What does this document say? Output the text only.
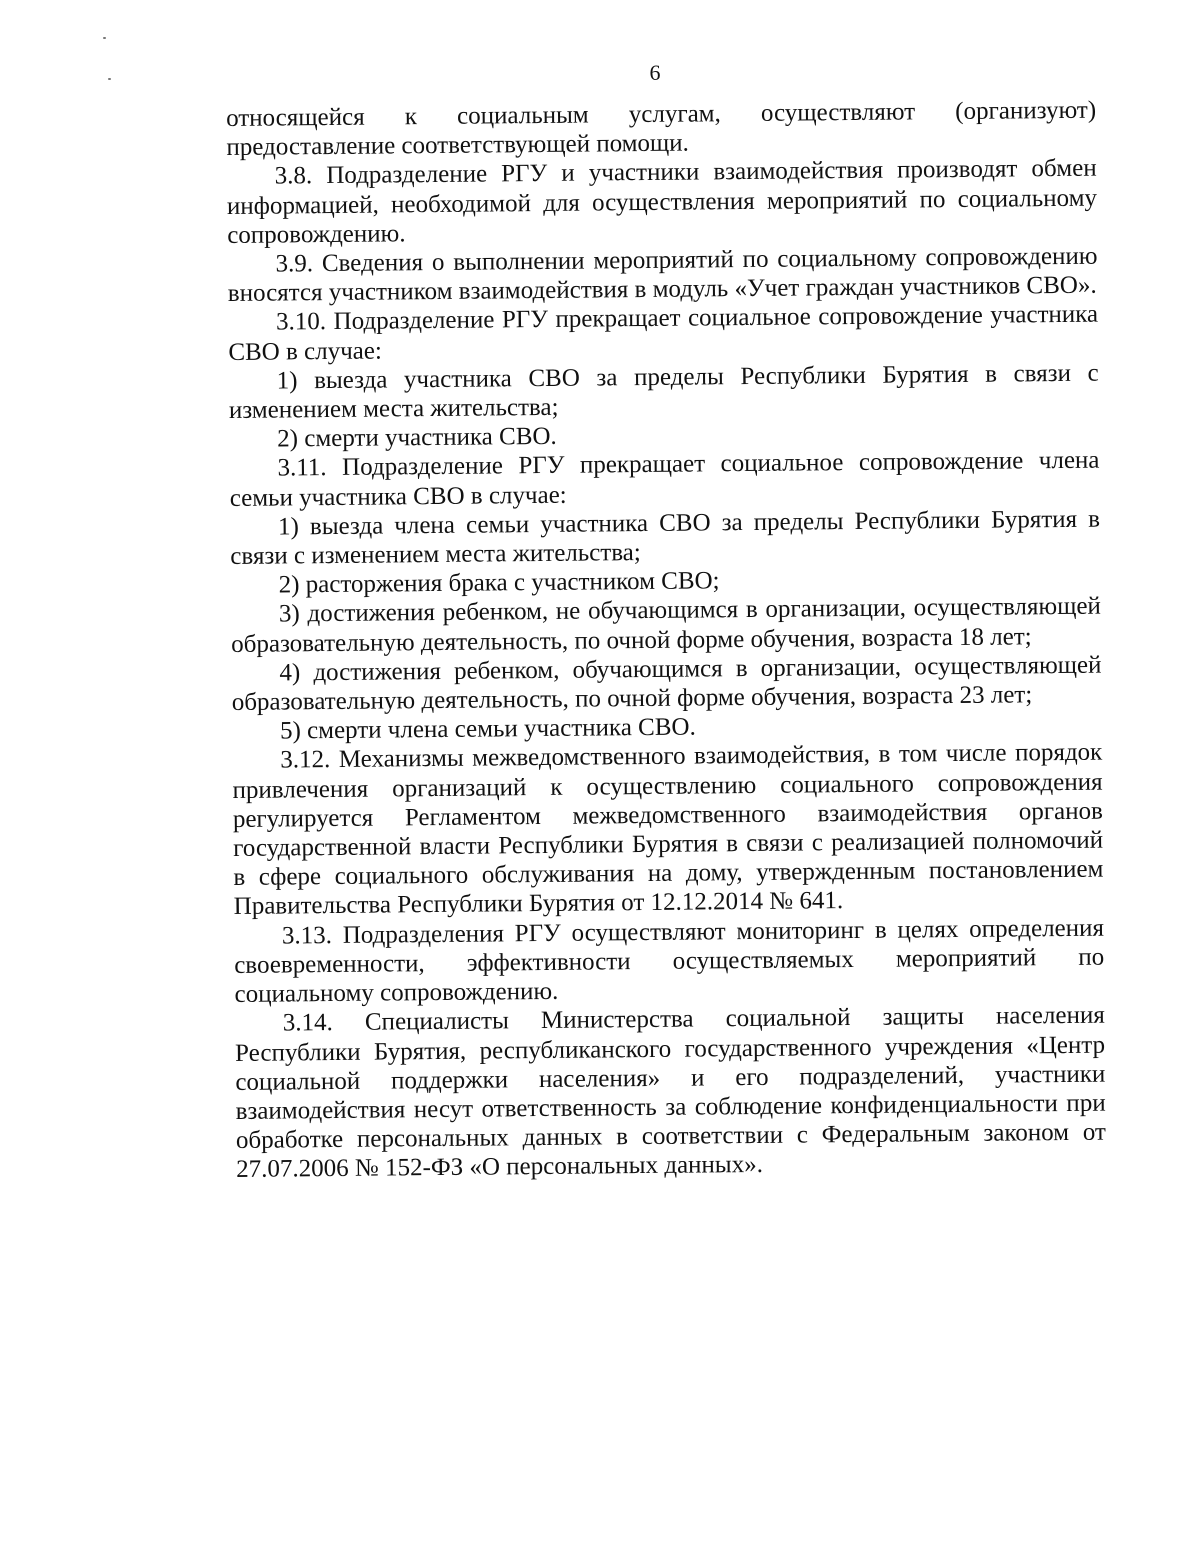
6

относящейся к социальным услугам, осуществляют (организуют) предоставление соответствующей помощи.

3.8. Подразделение РГУ и участники взаимодействия производят обмен информацией, необходимой для осуществления мероприятий по социальному сопровождению.

3.9. Сведения о выполнении мероприятий по социальному сопровождению вносятся участником взаимодействия в модуль «Учет граждан участников СВО».

3.10. Подразделение РГУ прекращает социальное сопровождение участника СВО в случае:

1) выезда участника СВО за пределы Республики Бурятия в связи с изменением места жительства;

2) смерти участника СВО.

3.11. Подразделение РГУ прекращает социальное сопровождение члена семьи участника СВО в случае:

1) выезда члена семьи участника СВО за пределы Республики Бурятия в связи с изменением места жительства;

2) расторжения брака с участником СВО;

3) достижения ребенком, не обучающимся в организации, осуществляющей образовательную деятельность, по очной форме обучения, возраста 18 лет;

4) достижения ребенком, обучающимся в организации, осуществляющей образовательную деятельность, по очной форме обучения, возраста 23 лет;

5) смерти члена семьи участника СВО.

3.12. Механизмы межведомственного взаимодействия, в том числе порядок привлечения организаций к осуществлению социального сопровождения регулируется Регламентом межведомственного взаимодействия органов государственной власти Республики Бурятия в связи с реализацией полномочий в сфере социального обслуживания на дому, утвержденным постановлением Правительства Республики Бурятия от 12.12.2014 № 641.

3.13. Подразделения РГУ осуществляют мониторинг в целях определения своевременности, эффективности осуществляемых мероприятий по социальному сопровождению.

3.14. Специалисты Министерства социальной защиты населения Республики Бурятия, республиканского государственного учреждения «Центр социальной поддержки населения» и его подразделений, участники взаимодействия несут ответственность за соблюдение конфиденциальности при обработке персональных данных в соответствии с Федеральным законом от 27.07.2006 № 152-ФЗ «О персональных данных».
